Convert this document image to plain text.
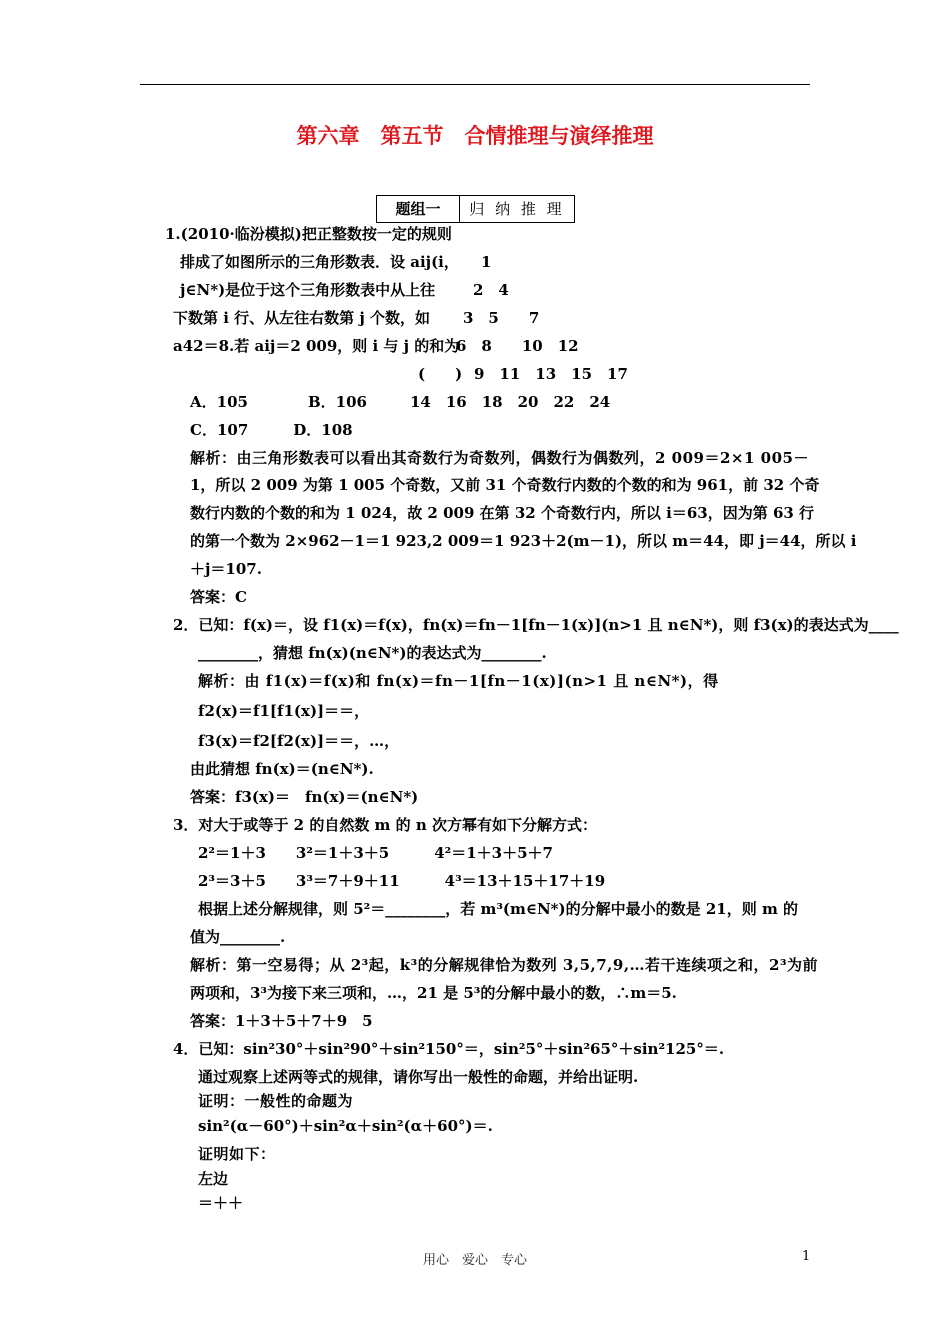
第六章　第五节　合情推理与演绎推理
题组一	归 纳 推 理
1.(2010·临汾模拟)把正整数按一定的规则
排成了如图所示的三角形数表．设 aij(i，
j∈N*)是位于这个三角形数表中从上往
下数第 i 行、从左往右数第 j 个数，如
a42＝8.若 aij＝2 009，则 i 与 j 的和为
(　　)
A．105　　　　B．106
C．107　　　D．108
解析：由三角形数表可以看出其奇数行为奇数列，偶数行为偶数列，2 009＝2×1 005－
1，所以 2 009 为第 1 005 个奇数，又前 31 个奇数行内数的个数的和为 961，前 32 个奇
数行内数的个数的和为 1 024，故 2 009 在第 32 个奇数行内，所以 i＝63，因为第 63 行
的第一个数为 2×962－1＝1 923,2 009＝1 923＋2(m－1)，所以 m＝44，即 j＝44，所以 i
＋j＝107.
答案：C
2．已知：f(x)＝，设 f1(x)＝f(x)，fn(x)＝fn－1[fn－1(x)](n>1 且 n∈N*)，则 f3(x)的表达式为____
________，猜想 fn(x)(n∈N*)的表达式为________.
解析：由 f1(x)＝f(x)和 fn(x)＝fn－1[fn－1(x)](n>1 且 n∈N*)，得
f2(x)＝f1[f1(x)]＝＝，
f3(x)＝f2[f2(x)]＝＝，…，
由此猜想 fn(x)＝(n∈N*).
答案：f3(x)＝　fn(x)＝(n∈N*)
3．对大于或等于 2 的自然数 m 的 n 次方幂有如下分解方式：
2²＝1＋3　　3²＝1＋3＋5　　　4²＝1＋3＋5＋7
2³＝3＋5　　3³＝7＋9＋11　　　4³＝13＋15＋17＋19
根据上述分解规律，则 5²＝________，若 m³(m∈N*)的分解中最小的数是 21，则 m 的
值为________.
解析：第一空易得；从 2³起，k³的分解规律恰为数列 3,5,7,9,…若干连续项之和，2³为前
两项和，3³为接下来三项和，…，21 是 5³的分解中最小的数，∴m＝5.
答案：1＋3＋5＋7＋9　5
4．已知：sin²30°＋sin²90°＋sin²150°＝，sin²5°＋sin²65°＋sin²125°＝.
通过观察上述两等式的规律，请你写出一般性的命题，并给出证明.
证明：一般性的命题为
sin²(α－60°)＋sin²α＋sin²(α＋60°)＝.
证明如下：
左边
＝＋＋
1
2　4
3　5　　7
6　8　　10　12
9　11　13　15　17
14　16　18　20　22　24
用心　爱心　专心	1
